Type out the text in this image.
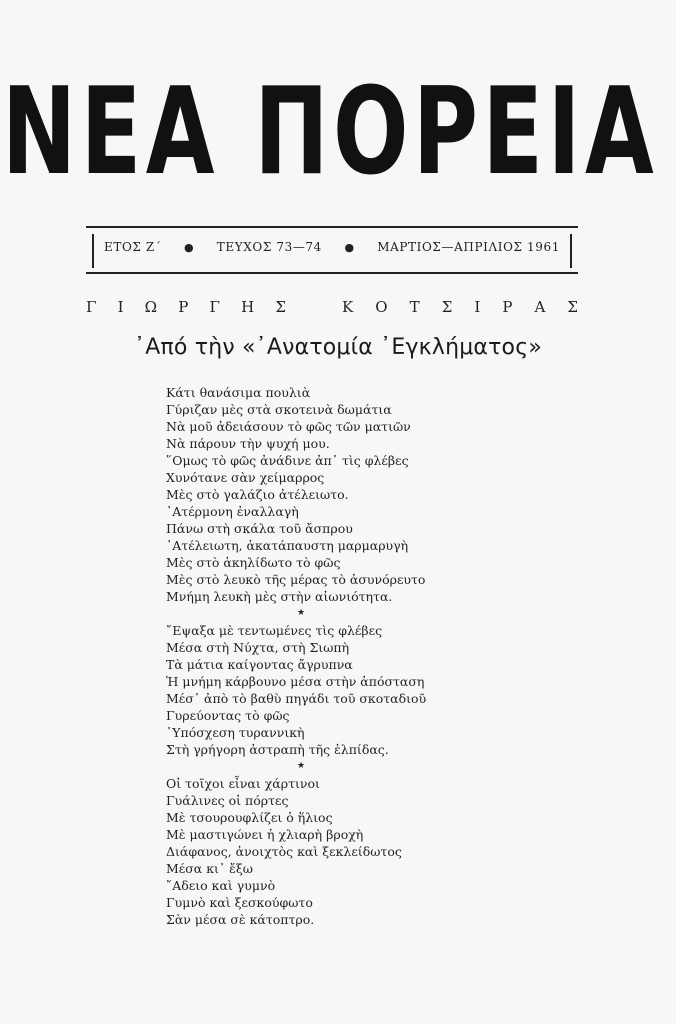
ΝΕΑ ΠΟΡΕΙΑ
ΕΤΟΣ Ζ΄ ● ΤΕΥΧΟΣ 73—74 ● ΜΑΡΤΙΟΣ—ΑΠΡΙΛΙΟΣ 1961
Γ Ι Ω Ρ Γ Η Σ	Κ Ο Τ Σ Ι Ρ Α Σ
᾿Από τὴν «᾿Ανατομία ᾿Εγκλήματος»
Κάτι θανάσιμα πουλιὰ
Γύριζαν μὲς στὰ σκοτεινὰ δωμάτια
Νὰ μοῦ ἀδειάσουν τὸ φῶς τῶν ματιῶν
Νὰ πάρουν τὴν ψυχή μου.
῞Ομως τὸ φῶς ἀνάδινε ἀπ᾿ τὶς φλέβες
Χυνότανε σὰν χείμαρρος
Μὲς στὸ γαλάζιο ἀτέλειωτο.
᾿Ατέρμονη ἐναλλαγὴ
Πάνω στὴ σκάλα τοῦ ἄσπρου
᾿Ατέλειωτη, ἀκατάπαυστη μαρμαρυγὴ
Μὲς στὸ ἀκηλίδωτο τὸ φῶς
Μὲς στὸ λευκὸ τῆς μέρας τὸ ἀσυνόρευτο
Μνήμη λευκὴ μὲς στὴν αἰωνιότητα.
★
῎Εψαξα μὲ τεντωμένες τὶς φλέβες
Μέσα στὴ Νύχτα, στὴ Σιωπὴ
Τὰ μάτια καίγοντας ἄγρυπνα
Ἡ μνήμη κάρβουνο μέσα στὴν ἀπόσταση
Μέσ᾿ ἀπὸ τὸ βαθὺ πηγάδι τοῦ σκοταδιοῦ
Γυρεύοντας τὸ φῶς
῾Υπόσχεση τυραννικὴ
Στὴ γρήγορη ἀστραπὴ τῆς ἐλπίδας.
★
Οἱ τοῖχοι εἶναι χάρτινοι
Γυάλινες οἱ πόρτες
Μὲ τσουρουφλίζει ὁ ἥλιος
Μὲ μαστιγώνει ἡ χλιαρὴ βροχὴ
Διάφανος, ἀνοιχτὸς καὶ ξεκλείδωτος
Μέσα κι᾿ ἔξω
῎Αδειο καὶ γυμνὸ
Γυμνὸ καὶ ξεσκούφωτο
Σὰν μέσα σὲ κάτοπτρο.
